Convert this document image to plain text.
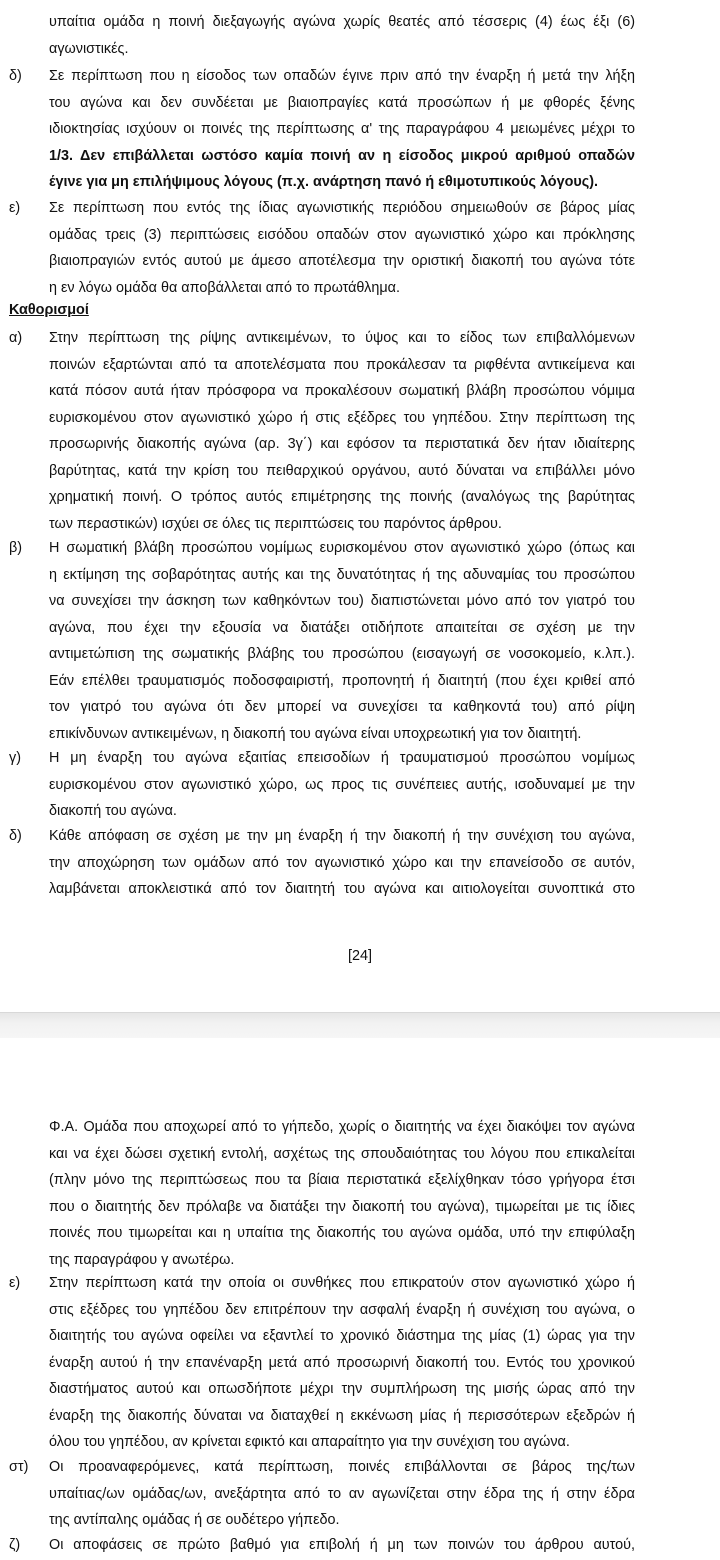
υπαίτια ομάδα η ποινή διεξαγωγής αγώνα χωρίς θεατές από τέσσερις (4) έως έξι (6)
αγωνιστικές.
δ) Σε περίπτωση που η είσοδος των οπαδών έγινε πριν από την έναρξη ή μετά την λήξη
του αγώνα και δεν συνδέεται με βιαιοπραγίες κατά προσώπων ή με φθορές ξένης
ιδιοκτησίας ισχύουν οι ποινές της περίπτωσης α' της παραγράφου 4 μειωμένες μέχρι το
1/3. Δεν επιβάλλεται ωστόσο καμία ποινή αν η είσοδος μικρού αριθμού οπαδών
έγινε για μη επιλήψιμους λόγους (π.χ. ανάρτηση πανό ή εθιμοτυπικούς λόγους).
ε) Σε περίπτωση που εντός της ίδιας αγωνιστικής περιόδου σημειωθούν σε βάρος μίας
ομάδας τρεις (3) περιπτώσεις εισόδου οπαδών στον αγωνιστικό χώρο και πρόκλησης
βιαιοπραγιών εντός αυτού με άμεσο αποτέλεσμα την οριστική διακοπή του αγώνα τότε
η εν λόγω ομάδα θα αποβάλλεται από το πρωτάθλημα.
Καθορισμοί
α) Στην περίπτωση της ρίψης αντικειμένων, το ύψος και το είδος των επιβαλλόμενων
ποινών εξαρτώνται από τα αποτελέσματα που προκάλεσαν τα ριφθέντα αντικείμενα και
κατά πόσον αυτά ήταν πρόσφορα να προκαλέσουν σωματική βλάβη προσώπου νόμιμα
ευρισκομένου στον αγωνιστικό χώρο ή στις εξέδρες του γηπέδου. Στην περίπτωση της
προσωρινής διακοπής αγώνα (αρ. 3γ΄) και εφόσον τα περιστατικά δεν ήταν ιδιαίτερης
βαρύτητας, κατά την κρίση του πειθαρχικού οργάνου, αυτό δύναται να επιβάλλει μόνο
χρηματική ποινή. Ο τρόπος αυτός επιμέτρησης της ποινής (αναλόγως της βαρύτητας
των περαστικών) ισχύει σε όλες τις περιπτώσεις του παρόντος άρθρου.
β) Η σωματική βλάβη προσώπου νομίμως ευρισκομένου στον αγωνιστικό χώρο (όπως και
η εκτίμηση της σοβαρότητας αυτής και της δυνατότητας ή της αδυναμίας του προσώπου
να συνεχίσει την άσκηση των καθηκόντων του) διαπιστώνεται μόνο από τον γιατρό του
αγώνα, που έχει την εξουσία να διατάξει οτιδήποτε απαιτείται σε σχέση με την
αντιμετώπιση της σωματικής βλάβης του προσώπου (εισαγωγή σε νοσοκομείο, κ.λπ.).
Εάν επέλθει τραυματισμός ποδοσφαιριστή, προπονητή ή διαιτητή (που έχει κριθεί από
τον γιατρό του αγώνα ότι δεν μπορεί να συνεχίσει τα καθηκοντά του) από ρίψη
επικίνδυνων αντικειμένων, η διακοπή του αγώνα είναι υποχρεωτική για τον διαιτητή.
γ) Η μη έναρξη του αγώνα εξαιτίας επεισοδίων ή τραυματισμού προσώπου νομίμως
ευρισκομένου στον αγωνιστικό χώρο, ως προς τις συνέπειες αυτής, ισοδυναμεί με την
διακοπή του αγώνα.
δ) Κάθε απόφαση σε σχέση με την μη έναρξη ή την διακοπή ή την συνέχιση του αγώνα,
την αποχώρηση των ομάδων από τον αγωνιστικό χώρο και την επανείσοδο σε αυτόν,
λαμβάνεται αποκλειστικά από τον διαιτητή του αγώνα και αιτιολογείται συνοπτικά στο
[24]
Φ.Α. Ομάδα που αποχωρεί από το γήπεδο, χωρίς ο διαιτητής να έχει διακόψει τον αγώνα
και να έχει δώσει σχετική εντολή, ασχέτως της σπουδαιότητας του λόγου που επικαλείται
(πλην μόνο της περιπτώσεως που τα βίαια περιστατικά εξελίχθηκαν τόσο γρήγορα έτσι
που ο διαιτητής δεν πρόλαβε να διατάξει την διακοπή του αγώνα), τιμωρείται με τις ίδιες
ποινές που τιμωρείται και η υπαίτια της διακοπής του αγώνα ομάδα, υπό την επιφύλαξη
της παραγράφου γ ανωτέρω.
ε) Στην περίπτωση κατά την οποία οι συνθήκες που επικρατούν στον αγωνιστικό χώρο ή
στις εξέδρες του γηπέδου δεν επιτρέπουν την ασφαλή έναρξη ή συνέχιση του αγώνα, ο
διαιτητής του αγώνα οφείλει να εξαντλεί το χρονικό διάστημα της μίας (1) ώρας για την
έναρξη αυτού ή την επανέναρξη μετά από προσωρινή διακοπή του. Εντός του χρονικού
διαστήματος αυτού και οπωσδήποτε μέχρι την συμπλήρωση της μισής ώρας από την
έναρξη της διακοπής δύναται να διαταχθεί η εκκένωση μίας ή περισσότερων εξεδρών ή
όλου του γηπέδου, αν κρίνεται εφικτό και απαραίτητο για την συνέχιση του αγώνα.
στ) Οι προαναφερόμενες, κατά περίπτωση, ποινές επιβάλλονται σε βάρος της/των
υπαίτιας/ων ομάδας/ων, ανεξάρτητα από το αν αγωνίζεται στην έδρα της ή στην έδρα
της αντίπαλης ομάδας ή σε ουδέτερο γήπεδο.
ζ) Οι αποφάσεις σε πρώτο βαθμό για επιβολή ή μη των ποινών του άρθρου αυτού,
